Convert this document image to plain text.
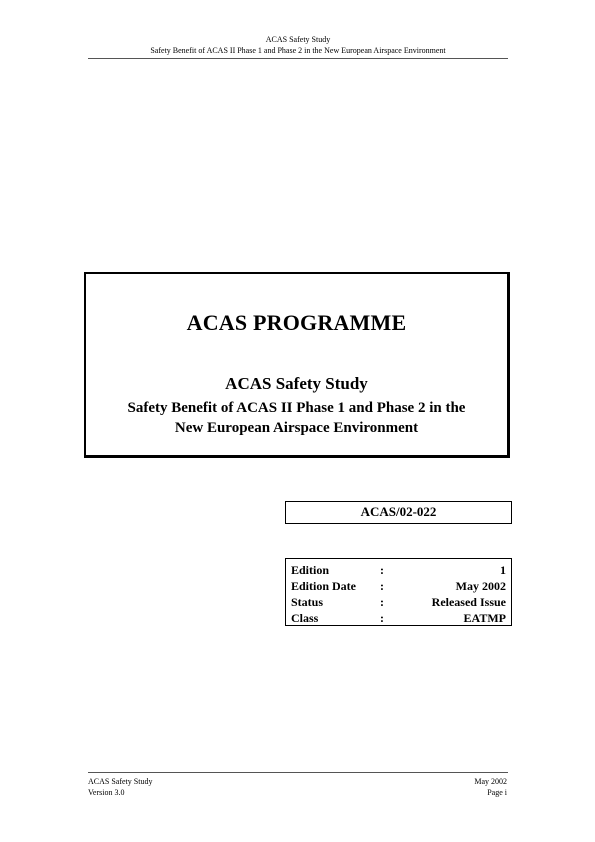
ACAS Safety Study
Safety Benefit of ACAS II Phase 1 and Phase 2 in the New European Airspace Environment
ACAS PROGRAMME
ACAS Safety Study
Safety Benefit of ACAS II Phase 1 and Phase 2 in the
New European Airspace Environment
ACAS/02-022
Edition	:	1
Edition Date :	May 2002
Status	:	Released Issue
Class	:	EATMP
ACAS Safety Study
Version 3.0
May 2002
Page i
